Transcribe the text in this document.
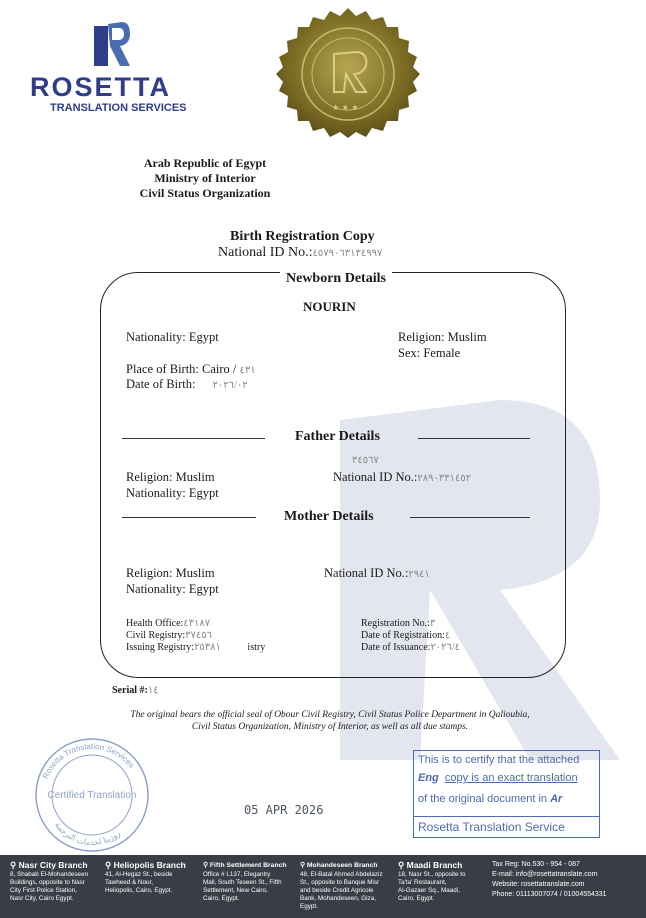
ROSETTA
TRANSLATION SERVICES	★ ★ ★
Arab Republic of Egypt
Ministry of Interior
Civil Status Organization
Birth Registration Copy
National ID No.:٤٥٧٩٠٦٣١٣٤٩٩٧
Newborn Details
NOURIN
Nationality: Egypt	Religion: Muslim
Sex: Female
Place of Birth: Cairo / ٤٣١
Date of Birth: ٢٠٢٦/٠٢
Father Details
٣٤٥٦٧
Religion: Muslim
Nationality: Egypt
National ID No.:٢٨٩٠٣٣١٤٥٢
Mother Details
Religion: Muslim
Nationality: Egypt
National ID No.:٢٩٤١
Health Office:٤٣١٨٧
Civil Registry:٣٧٤٥٦
Issuing Registry:٢٥٣٨١	istry
Registration No.:٣
Date of Registration:٤
Date of Issuance:٢٠٢٦/٤
Serial #:١٤
The original bears the official seal of Obour Civil Registry, Civil Status Police Department in Qalioubia, Civil Status Organization, Ministry of Interior, as well as all due stamps.
Rosetta Translation Services
Certified Translation
روزيتا لخدمات الترجمة
05 APR 2026
This is to certify that the attached
Eng copy is an exact translation
of the original document in Ar
Rosetta Translation Service
⚲ Nasr City Branch
8, Shabab El-Mohandeseen
Buildings, opposite to Nasr
City First Police Station,
Nasr City, Cairo Egypt.
⚲ Heliopolis Branch
41, Al-Hegaz St., beside
Tawheed & Nour,
Heliopolis, Cairo, Egypt.
⚲ Fifth Settlement Branch
Office # L137, Elegantry
Mall, South Teseen St., Fifth
Settlement, New Cairo,
Cairo, Egypt.
⚲ Mohandeseen Branch
48, El-Batal Ahmed Abdelaziz
St., opposite to Banque Misr
and beside Credit Agricole
Bank, Mohandeseen, Giza,
Egypt.
⚲ Maadi Branch
18, Nasr St., opposite to
Ta'ta' Restaurant,
Al-Gazaer Sq., Maadi,
Cairo, Egypt.
Tax Reg: No.530 - 954 - 087
E-mail: info@rosettatranslate.com
Website: rosettatranslate.com
Phone: 01113007074 / 01004554331
